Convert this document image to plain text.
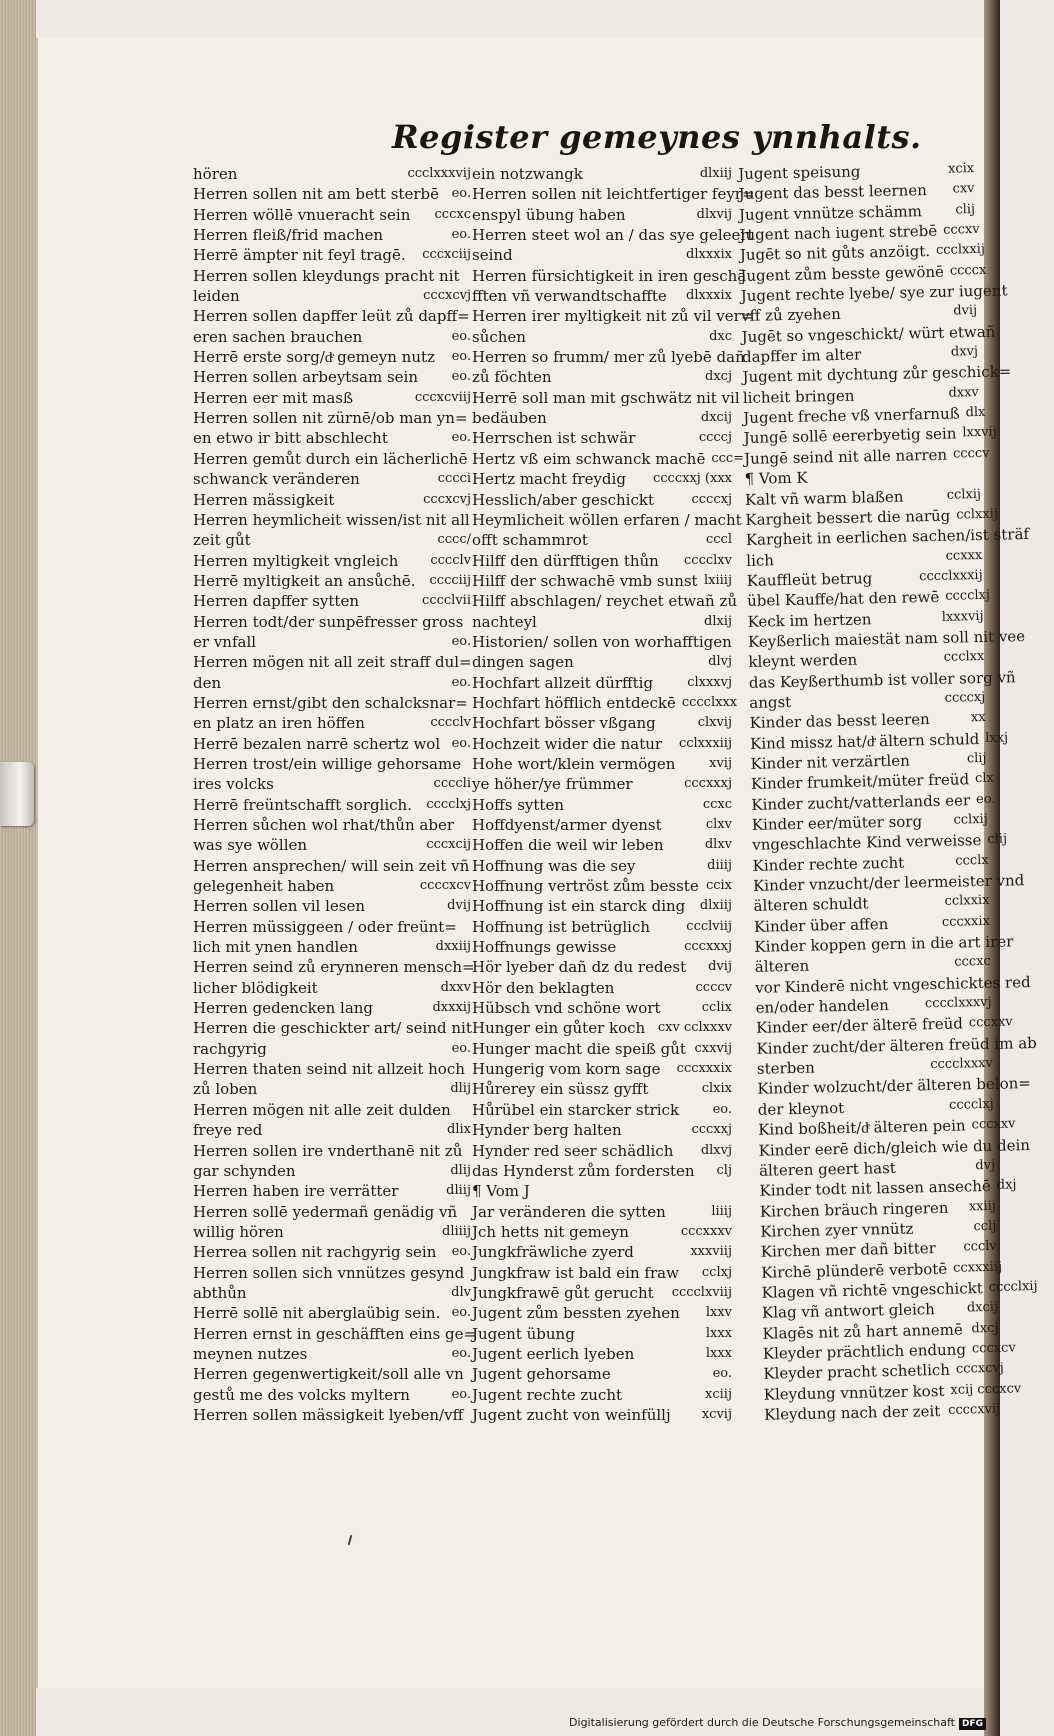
Register gemeynes ynnhalts.
hören	ccclxxxvij
Herren sollen nit am bett sterbē eo.
Herren wöllē vnueracht sein	cccxc
Herren fleiß/frid machen	eo.
Herrē ämpter nit feyl tragē.	cccxciij
Herren sollen kleydungs pracht nit
leiden	cccxcvj
Herren sollen dapffer leüt zů dapff=
eren sachen brauchen	eo.
Herrē erste sorg/dͤ gemeyn nutz	eo.
Herren sollen arbeytsam sein	eo.
Herren eer mit masß	cccxcviij
Herren sollen nit zürnē/ob man yn=
en etwo ir bitt abschlecht	eo.
Herren gemůt durch ein lächerlichē
schwanck veränderen	cccci
Herren mässigkeit	cccxcvj
Herren heymlicheit wissen/ist nit all
zeit gůt	cccc/
Herren myltigkeit vngleich	cccclv
Herrē myltigkeit an ansůchē.	cccciij
Herren dapffer sytten	cccclvii
Herren todt/der sunpēfresser gross
er vnfall	eo.
Herren mögen nit all zeit straff dul=
den	eo.
Herren ernst/gibt den schalcksnar=
en platz an iren höffen	cccclv
Herrē bezalen narrē schertz wol eo.
Herren trost/ein willige gehorsame
ires volcks	ccccli
Herrē freüntschafft sorglich.	cccclxj
Herren sůchen wol rhat/thůn aber
was sye wöllen	cccxcij
Herren ansprechen/ will sein zeit vñ
gelegenheit haben	ccccxcv
Herren sollen vil lesen	dvij
Herren müssiggeen / oder freünt=
lich mit ynen handlen	dxxiij
Herren seind zů erynneren mensch=
licher blödigkeit	dxxv
Herren gedencken lang	dxxxij
Herren die geschickter art/ seind nit
rachgyrig	eo.
Herren thaten seind nit allzeit hoch
zů loben	dlij
Herren mögen nit alle zeit dulden
freye red	dlix
Herren sollen ire vnderthanē nit zů
gar schynden	dlij
Herren haben ire verrätter	dliij
Herren sollē yedermañ genädig vñ
willig hören	dliiij
Herrea sollen nit rachgyrig sein	eo.
Herren sollen sich vnnützes gesynd
abthůn	dlv
Herrē sollē nit aberglaübig sein. eo.
Herren ernst in geschäfften eins ge=
meynen nutzes	eo.
Herren gegenwertigkeit/soll alle vn
gestů me des volcks myltern	eo.
Herren sollen mässigkeit lyeben/vff
ein notzwangk	dlxiij
Herren sollen nit leichtfertiger feyr=
enspyl übung haben	dlxvij
Herren steet wol an / das sye geleert
seind	dlxxxix
Herren fürsichtigkeit in iren geschä
fften vñ verwandtschaffte	dlxxxix
Herren irer myltigkeit nit zů vil ver=
sůchen	dxc
Herren so frumm/ mer zů lyebē dañ
zů föchten	dxcj
Herrē soll man mit gschwätz nit vil
bedäuben	dxcij
Herrschen ist schwär	ccccj
Hertz vß eim schwanck machē ccc=
Hertz macht freydig	ccccxxj (xxx
Hesslich/aber geschickt	ccccxj
Heymlicheit wöllen erfaren / macht
offt schammrot	cccl
Hilff den dürfftigen thůn	cccclxv
Hilff der schwachē vmb sunst lxiiij
Hilff abschlagen/ reychet etwañ zů
nachteyl	dlxij
Historien/ sollen von worhafftigen
dingen sagen	dlvj
Hochfart allzeit dürfftig	clxxxvj
Hochfart höfflich entdeckē cccclxxx
Hochfart bösser vßgang	clxvij
Hochzeit wider die natur	cclxxxiij
Hohe wort/klein vermögen	xvij
ye höher/ye frümmer	cccxxxj
Hoffs sytten	ccxc
Hoffdyenst/armer dyenst	clxv
Hoffen die weil wir leben	dlxv
Hoffnung was die sey	diiij
Hoffnung vertröst zům besste ccix
Hoffnung ist ein starck ding	dlxiij
Hoffnung ist betrüglich	ccclviij
Hoffnungs gewisse	cccxxxj
Hör lyeber dañ dz du redest	dvij
Hör den beklagten	ccccv
Hübsch vnd schöne wort	cclix
Hunger ein gůter koch cxv cclxxxv
Hunger macht die speiß gůt cxxvij
Hungerig vom korn sage	cccxxxix
Hůrerey ein süssz gyfft	clxix
Hůrübel ein starcker strick	eo.
Hynder berg halten	cccxxj
Hynder red seer schädlich	dlxvj
das Hynderst zům fordersten	clj
¶ Vom J
Jar veränderen die sytten	liiij
Jch hetts nit gemeyn	cccxxxv
Jungkfräwliche zyerd	xxxviij
Jungkfraw ist bald ein fraw	cclxj
Jungkfrawē gůt gerucht	cccclxviij
Jugent zům bessten zyehen	lxxv
Jugent übung	lxxx
Jugent eerlich lyeben	lxxx
Jugent gehorsame	eo.
Jugent rechte zucht	xciij
Jugent zucht von weinfüllj	xcvij
Jugent speisung	xcix
Jugent das besst leernen	cxv
Jugent vnnütze schämm	clij
Jugent nach iugent strebē cccxv
Jugēt so nit gůts anzöigt. ccclxxij
Jugent zům besste gewönē ccccx
Jugent rechte lyebe/ sye zur iugent
vff zů zyehen	dvij
Jugēt so vngeschickt/ würt etwañ
dapffer im alter	dxvj
Jugent mit dychtung zůr geschick=
licheit bringen	dxxv
Jugent freche vß vnerfarnuß dlx
Jungē sollē eererbyetig sein lxxvij
Jungē seind nit alle narren ccccv
¶ Vom K
Kalt vñ warm blaßen	cclxij
Kargheit bessert die narūg cclxxij
Kargheit in eerlichen sachen/ist sträf
lich	ccxxx
Kauffleüt betrug	cccclxxxij
übel Kauffe/hat den rewē cccclxj
Keck im hertzen	lxxxvij
Keyßerlich maiestät nam soll nit vee
kleynt werden	ccclxx
das Keyßerthumb ist voller sorg vñ
angst	ccccxj
Kinder das besst leeren	xx
Kind missz hat/dͤ ältern schuld lxxj
Kinder nit verzärtlen	clij
Kinder frumkeit/müter freüd clx
Kinder zucht/vatterlands eer eo.
Kinder eer/müter sorg	cclxij
vngeschlachte Kind verweisse clij
Kinder rechte zucht	ccclx
Kinder vnzucht/der leermeister vnd
älteren schuldt	cclxxix
Kinder über affen	cccxxix
Kinder koppen gern in die art irer
älteren	cccxc
vor Kinderē nicht vngeschicktes red
en/oder handelen	cccclxxxvj
Kinder eer/der älterē freüd cccxxv
Kinder zucht/der älteren freüd im ab
sterben	cccclxxxv
Kinder wolzucht/der älteren belon=
der kleynot	cccclxj
Kind boßheit/dͤ älteren pein cccxxv
Kinder eerē dich/gleich wie du dein
älteren geert hast	dvj
Kinder todt nit lassen ansechē dxj
Kirchen bräuch ringeren	xxiij
Kirchen zyer vnnütz	cclj
Kirchen mer dañ bitter	ccclv
Kirchē plünderē verbotē ccxxxiij
Klagen vñ richtē vngeschickt cccclxij
Klag vñ antwort gleich	dxcij
Klagēs nit zů hart annemē dxcj
Kleyder prächtlich endung cccxcv
Kleyder pracht schetlich cccxcvj
Kleydung vnnützer kost xcij cccxcv
Kleydung nach der zeit ccccxvij
Digitalisierung gefördert durch die Deutsche Forschungsgemeinschaft DFG
